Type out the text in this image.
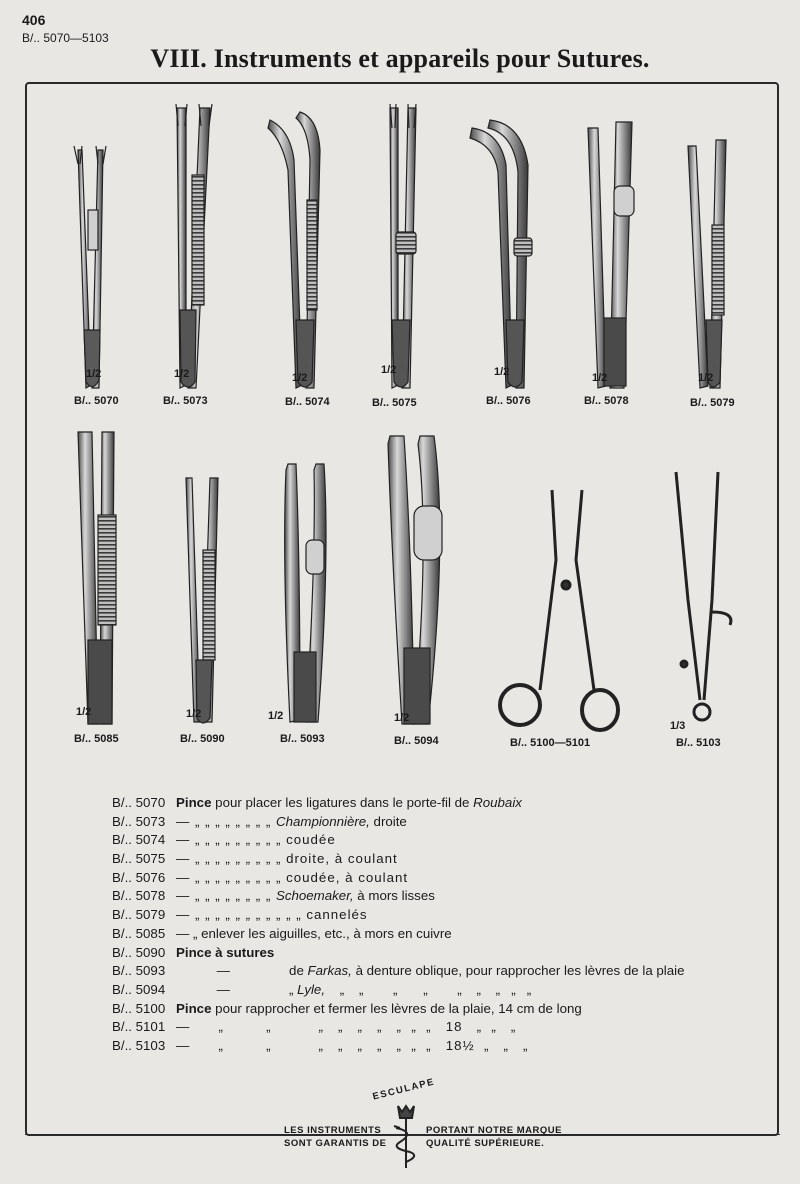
406
B/.. 5070—5103
VIII. Instruments et appareils pour Sutures.
B/.. 5070	B/.. 5073	B/.. 5074	B/.. 5075	B/.. 5076	B/.. 5078	B/.. 5079
B/.. 5085	B/.. 5090	B/.. 5093	B/.. 5094	B/.. 5100—5101	B/.. 5103
1/2	1/2	1/2
1/2	1/2	1/2	1/2
1/2	1/2	1/2	1/2
1/3
B/.. 5070 Pince pour placer les ligatures dans le porte-fil de Roubaix
B/.. 5073 — „ „ „ „ „ „ „ „ Championnière, droite
B/.. 5074 — „ „ „ „ „ „ „ „ „ coudée
B/.. 5075 — „ „ „ „ „ „ „ „ „ droite, à coulant
B/.. 5076 — „ „ „ „ „ „ „ „ „ coudée, à coulant
B/.. 5078 — „ „ „ „ „ „ „ „ Schoemaker, à mors lisses
B/.. 5079 — „ „ „ „ „ „ „ „ „ „ „ cannelés
B/.. 5085 — „ enlever les aiguilles, etc., à mors en cuivre
B/.. 5090 Pince à sutures
B/.. 5093 —                de Farkas, à denture oblique, pour rapprocher les lèvres de la plaie
B/.. 5094 —                „ Lyle,    „    „        „       „        „    „    „   „   „
B/.. 5100 Pince pour rapprocher et fermer les lèvres de la plaie, 14 cm de long
B/.. 5101 —      „         „          „   „   „   „   „  „  „   18   „  „   „
B/.. 5103 —      „         „          „   „   „   „   „  „  „   18½  „   „   „
LES INSTRUMENTS
SONT GARANTIS DE
PORTANT NOTRE MARQUE
QUALITÉ SUPÉRIEURE.
ESCULAPE
